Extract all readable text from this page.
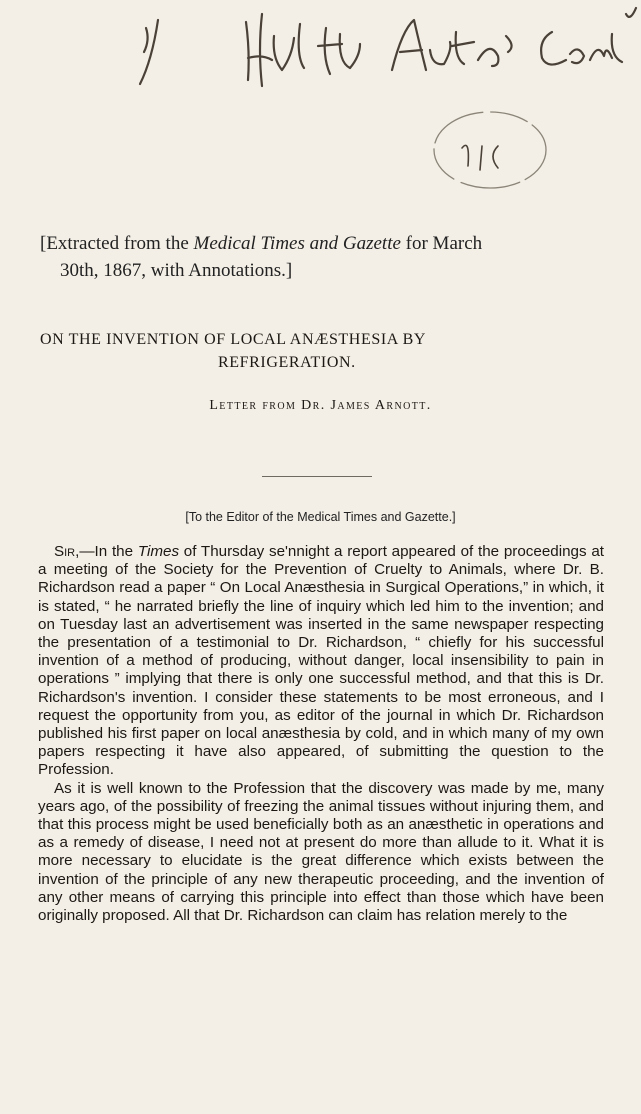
[Extracted from the Medical Times and Gazette for March
30th, 1867, with Annotations.]
ON THE INVENTION OF LOCAL ANÆSTHESIA BY
REFRIGERATION.
Letter from Dr. James Arnott.
[To the Editor of the Medical Times and Gazette.]

Sir,—In the Times of Thursday se'nnight a report appeared of the proceedings at a meeting of the Society for the Prevention of Cruelty to Animals, where Dr. B. Richardson read a paper “ On Local Anæsthesia in Surgical Operations,” in which, it is stated, “ he narrated briefly the line of inquiry which led him to the invention; and on Tuesday last an advertisement was inserted in the same newspaper respecting the presentation of a testimonial to Dr. Richardson, “ chiefly for his successful invention of a method of producing, without danger, local insensibility to pain in operations ” implying that there is only one successful method, and that this is Dr. Richardson's invention. I consider these statements to be most erroneous, and I request the opportunity from you, as editor of the journal in which Dr. Richardson published his first paper on local anæsthesia by cold, and in which many of my own papers respecting it have also appeared, of submitting the question to the Profession.

As it is well known to the Profession that the discovery was made by me, many years ago, of the possibility of freezing the animal tissues without injuring them, and that this process might be used beneficially both as an anæsthetic in operations and as a remedy of disease, I need not at present do more than allude to it. What it is more necessary to elucidate is the great difference which exists between the invention of the principle of any new therapeutic proceeding, and the invention of any other means of carrying this principle into effect than those which have been originally proposed. All that Dr. Richardson can claim has relation merely to the
